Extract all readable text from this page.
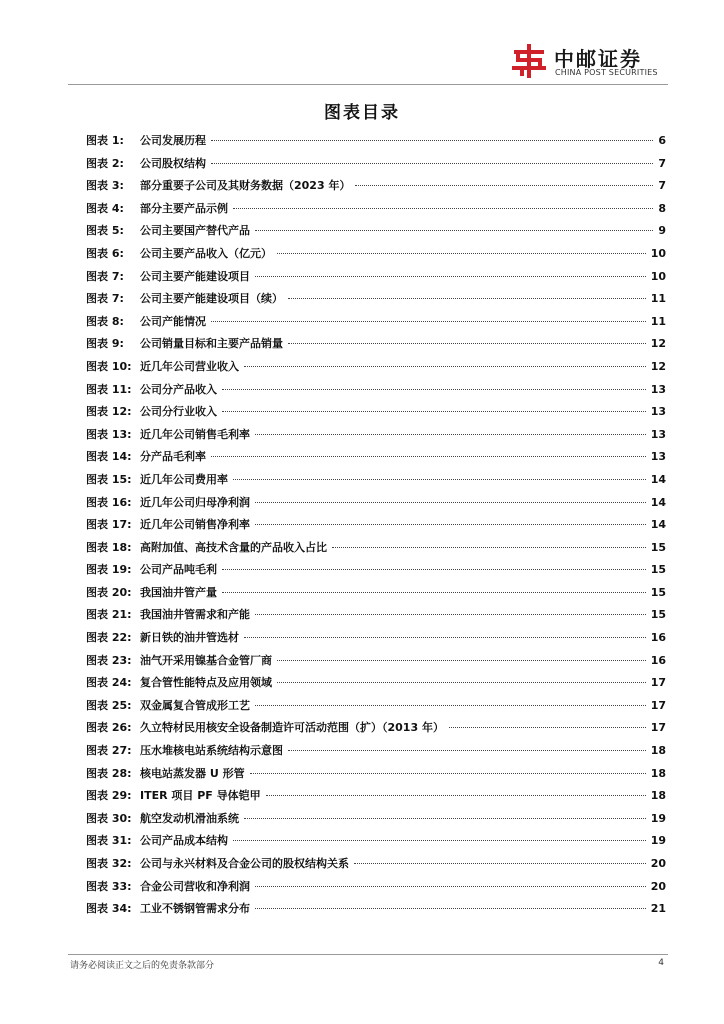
中邮证券
CHINA POST SECURITIES
图表目录
图表 1: 公司发展历程	6
图表 2: 公司股权结构	7
图表 3: 部分重要子公司及其财务数据（2023 年）	7
图表 4: 部分主要产品示例	8
图表 5: 公司主要国产替代产品	9
图表 6: 公司主要产品收入（亿元）	10
图表 7: 公司主要产能建设项目	10
图表 7: 公司主要产能建设项目（续）	11
图表 8: 公司产能情况	11
图表 9: 公司销量目标和主要产品销量	12
图表 10: 近几年公司营业收入	12
图表 11: 公司分产品收入	13
图表 12: 公司分行业收入	13
图表 13: 近几年公司销售毛利率	13
图表 14: 分产品毛利率	13
图表 15: 近几年公司费用率	14
图表 16: 近几年公司归母净利润	14
图表 17: 近几年公司销售净利率	14
图表 18: 高附加值、高技术含量的产品收入占比	15
图表 19: 公司产品吨毛利	15
图表 20: 我国油井管产量	15
图表 21: 我国油井管需求和产能	15
图表 22: 新日铁的油井管选材	16
图表 23: 油气开采用镍基合金管厂商	16
图表 24: 复合管性能特点及应用领域	17
图表 25: 双金属复合管成形工艺	17
图表 26: 久立特材民用核安全设备制造许可活动范围（扩）（2013 年）	17
图表 27: 压水堆核电站系统结构示意图	18
图表 28: 核电站蒸发器 U 形管	18
图表 29: ITER 项目 PF 导体铠甲	18
图表 30: 航空发动机滑油系统	19
图表 31: 公司产品成本结构	19
图表 32: 公司与永兴材料及合金公司的股权结构关系	20
图表 33: 合金公司营收和净利润	20
图表 34: 工业不锈钢管需求分布	21
请务必阅读正文之后的免责条款部分	4
